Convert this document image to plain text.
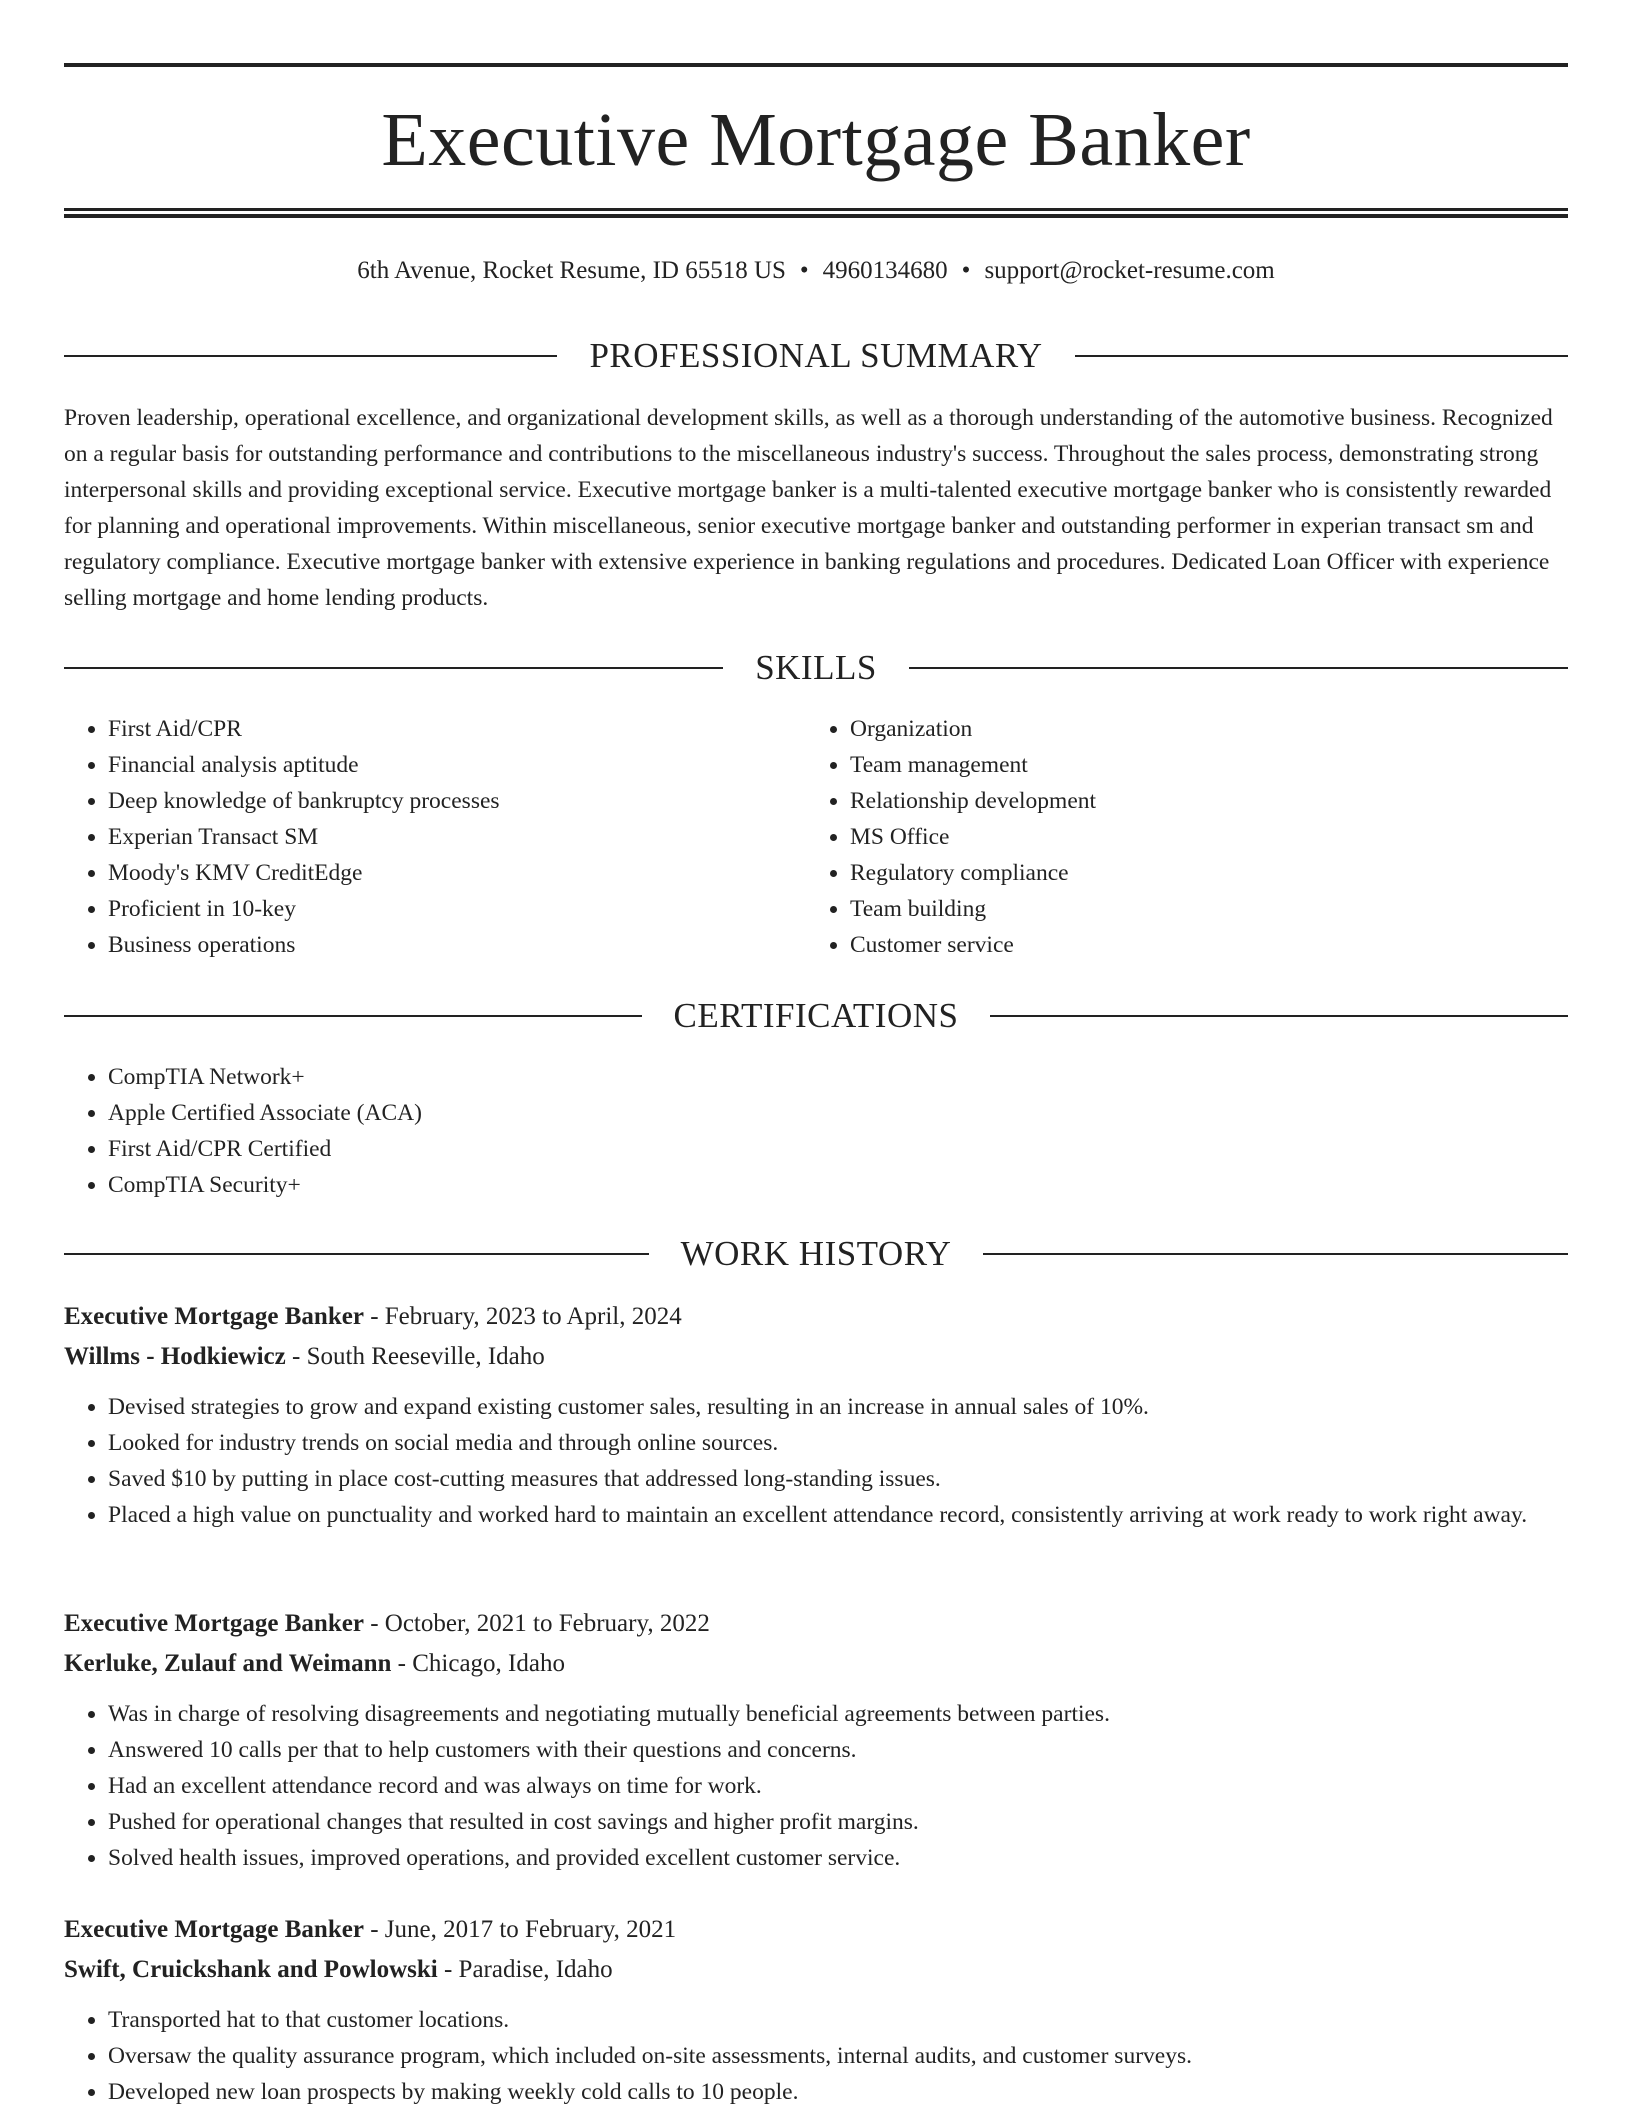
Executive Mortgage Banker
6th Avenue, Rocket Resume, ID 65518 US • 4960134680 • support@rocket-resume.com
PROFESSIONAL SUMMARY

Proven leadership, operational excellence, and organizational development skills, as well as a thorough understanding of the automotive business. Recognized on a regular basis for outstanding performance and contributions to the miscellaneous industry's success. Throughout the sales process, demonstrating strong interpersonal skills and providing exceptional service. Executive mortgage banker is a multi-talented executive mortgage banker who is consistently rewarded for planning and operational improvements. Within miscellaneous, senior executive mortgage banker and outstanding performer in experian transact sm and regulatory compliance. Executive mortgage banker with extensive experience in banking regulations and procedures. Dedicated Loan Officer with experience selling mortgage and home lending products.

SKILLS
• First Aid/CPR
• Financial analysis aptitude
• Deep knowledge of bankruptcy processes
• Experian Transact SM
• Moody's KMV CreditEdge
• Proficient in 10-key
• Business operations
• Organization
• Team management
• Relationship development
• MS Office
• Regulatory compliance
• Team building
• Customer service
CERTIFICATIONS
• CompTIA Network+
• Apple Certified Associate (ACA)
• First Aid/CPR Certified
• CompTIA Security+
WORK HISTORY
Executive Mortgage Banker - February, 2023 to April, 2024
Willms - Hodkiewicz - South Reeseville, Idaho
• Devised strategies to grow and expand existing customer sales, resulting in an increase in annual sales of 10%.
• Looked for industry trends on social media and through online sources.
• Saved $10 by putting in place cost-cutting measures that addressed long-standing issues.
• Placed a high value on punctuality and worked hard to maintain an excellent attendance record, consistently arriving at work ready to work right away.
Executive Mortgage Banker - October, 2021 to February, 2022
Kerluke, Zulauf and Weimann - Chicago, Idaho
• Was in charge of resolving disagreements and negotiating mutually beneficial agreements between parties.
• Answered 10 calls per that to help customers with their questions and concerns.
• Had an excellent attendance record and was always on time for work.
• Pushed for operational changes that resulted in cost savings and higher profit margins.
• Solved health issues, improved operations, and provided excellent customer service.
Executive Mortgage Banker - June, 2017 to February, 2021
Swift, Cruickshank and Powlowski - Paradise, Idaho
• Transported hat to that customer locations.
• Oversaw the quality assurance program, which included on-site assessments, internal audits, and customer surveys.
• Developed new loan prospects by making weekly cold calls to 10 people.
